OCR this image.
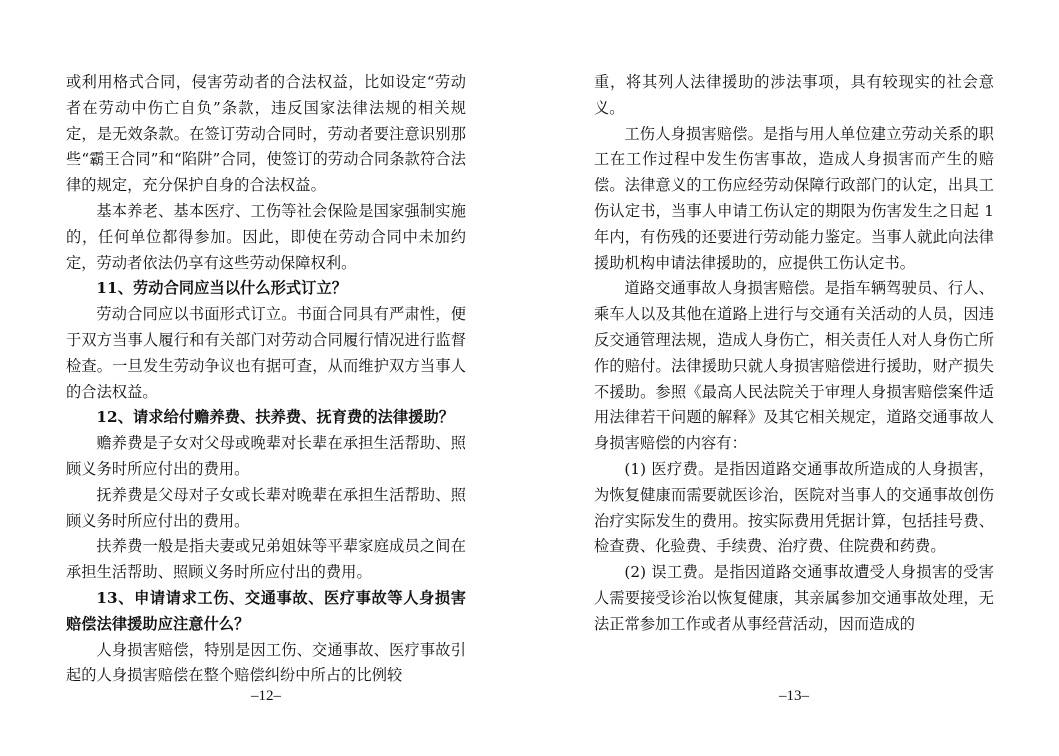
或利用格式合同，侵害劳动者的合法权益，比如设定“劳动者在劳动中伤亡自负”条款，违反国家法律法规的相关规定，是无效条款。在签订劳动合同时，劳动者要注意识别那些“霸王合同”和“陷阱”合同，使签订的劳动合同条款符合法律的规定，充分保护自身的合法权益。

基本养老、基本医疗、工伤等社会保险是国家强制实施的，任何单位都得参加。因此，即使在劳动合同中未加约定，劳动者依法仍享有这些劳动保障权利。

11、劳动合同应当以什么形式订立？

劳动合同应以书面形式订立。书面合同具有严肃性，便于双方当事人履行和有关部门对劳动合同履行情况进行监督检查。一旦发生劳动争议也有据可查，从而维护双方当事人的合法权益。

12、请求给付赡养费、扶养费、抚育费的法律援助？

赡养费是子女对父母或晚辈对长辈在承担生活帮助、照顾义务时所应付出的费用。

抚养费是父母对子女或长辈对晚辈在承担生活帮助、照顾义务时所应付出的费用。

扶养费一般是指夫妻或兄弟姐妹等平辈家庭成员之间在承担生活帮助、照顾义务时所应付出的费用。

13、申请请求工伤、交通事故、医疗事故等人身损害赔偿法律援助应注意什么？

人身损害赔偿，特别是因工伤、交通事故、医疗事故引起的人身损害赔偿在整个赔偿纠纷中所占的比例较

–12–

重，将其列人法律援助的涉法事项，具有较现实的社会意义。

工伤人身损害赔偿。是指与用人单位建立劳动关系的职工在工作过程中发生伤害事故，造成人身损害而产生的赔偿。法律意义的工伤应经劳动保障行政部门的认定，出具工伤认定书，当事人申请工伤认定的期限为伤害发生之日起 1 年内，有伤残的还要进行劳动能力鉴定。当事人就此向法律援助机构申请法律援助的，应提供工伤认定书。

道路交通事故人身损害赔偿。是指车辆驾驶员、行人、乘车人以及其他在道路上进行与交通有关活动的人员，因违反交通管理法规，造成人身伤亡，相关责任人对人身伤亡所作的赔付。法律援助只就人身损害赔偿进行援助，财产损失不援助。参照《最高人民法院关于审理人身损害赔偿案件适用法律若干问题的解释》及其它相关规定，道路交通事故人身损害赔偿的内容有：

(1) 医疗费。是指因道路交通事故所造成的人身损害，为恢复健康而需要就医诊治，医院对当事人的交通事故创伤治疗实际发生的费用。按实际费用凭据计算，包括挂号费、检查费、化验费、手续费、治疗费、住院费和药费。

(2) 误工费。是指因道路交通事故遭受人身损害的受害人需要接受诊治以恢复健康，其亲属参加交通事故处理，无法正常参加工作或者从事经营活动，因而造成的

–13–
